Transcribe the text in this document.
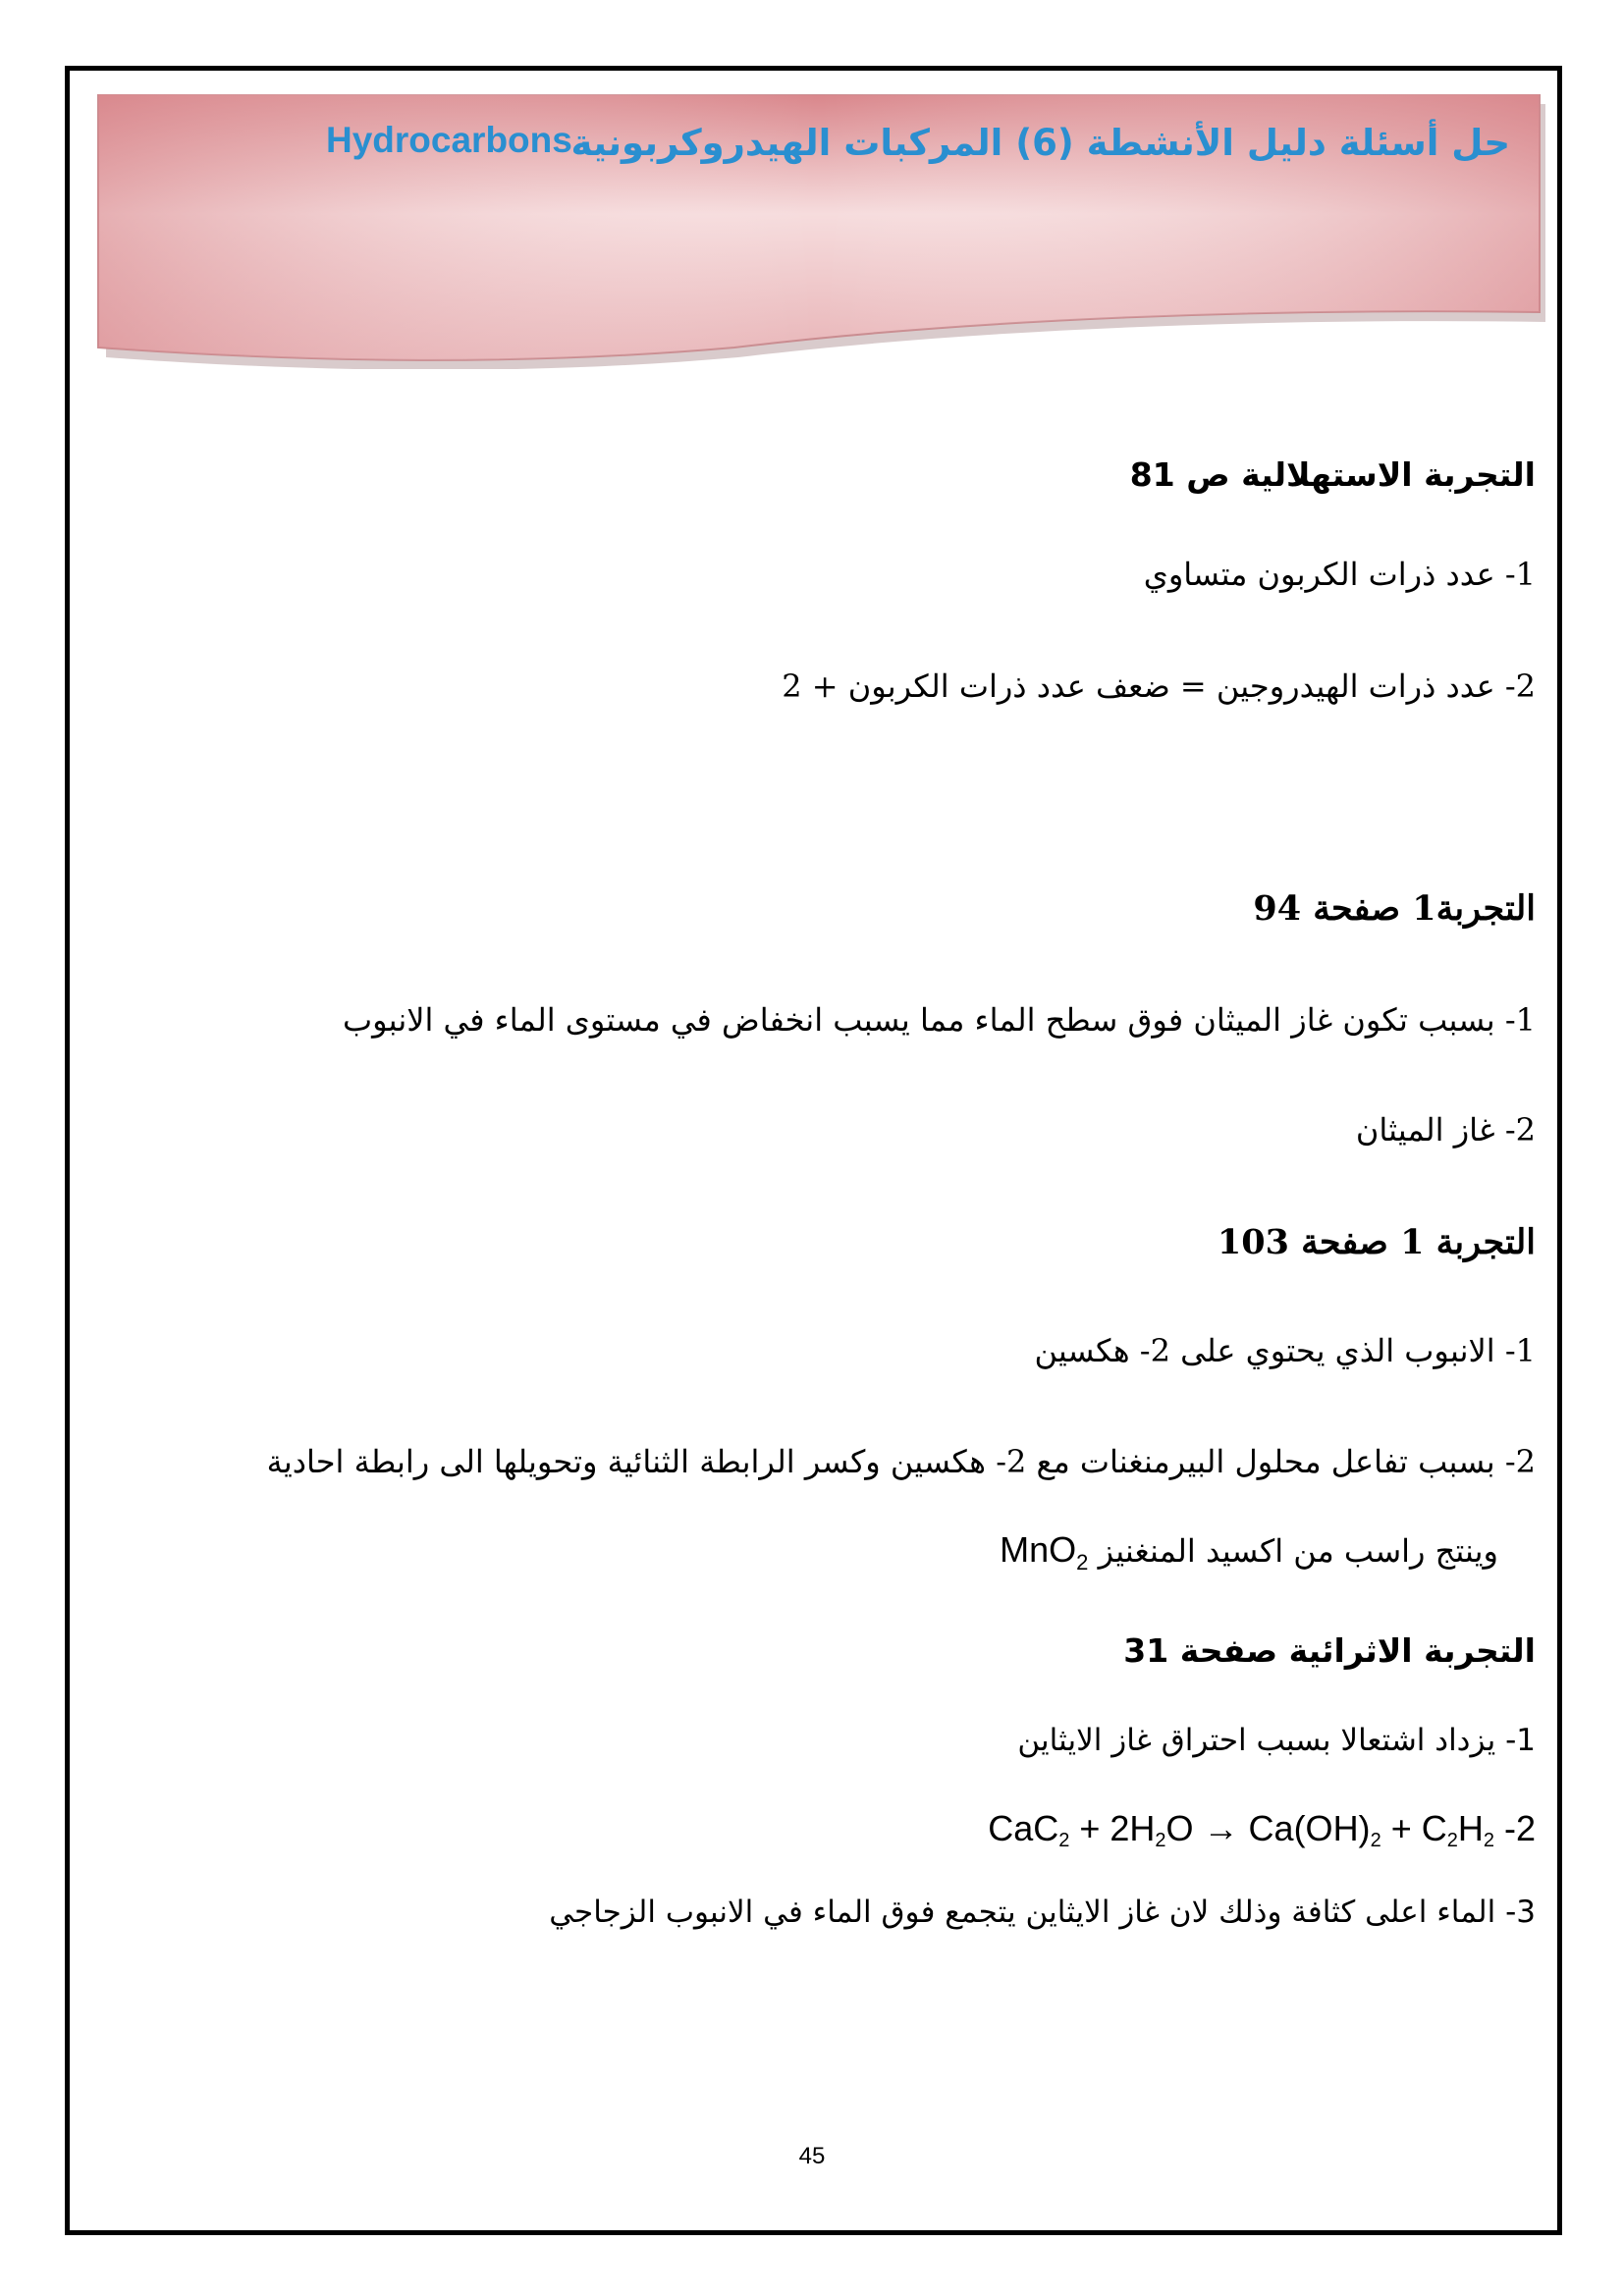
حل أسئلة دليل الأنشطة (6) المركبات الهيدروكربونية
Hydrocarbons
التجربة الاستهلالية ص 81
1- عدد ذرات الكربون متساوي
2- عدد ذرات الهيدروجين = ضعف عدد ذرات الكربون + 2
التجربة1 صفحة 94
1- بسبب تكون غاز الميثان فوق سطح الماء مما يسبب انخفاض في مستوى الماء في الانبوب
2- غاز الميثان
التجربة 1 صفحة 103
1- الانبوب الذي يحتوي على 2- هكسين
2- بسبب تفاعل محلول البيرمنغنات مع 2- هكسين وكسر الرابطة الثنائية وتحويلها الى رابطة احادية
وينتج راسب من اكسيد المنغنيز MnO$_2$
التجربة الاثرائية صفحة 31
1- يزداد اشتعالا بسبب احتراق غاز الايثاين
$CaC_2 + 2H_2O \to Ca(OH)_2 + C_2H_2$ -2
3- الماء اعلى كثافة وذلك لان غاز الايثاين يتجمع فوق الماء في الانبوب الزجاجي
45
